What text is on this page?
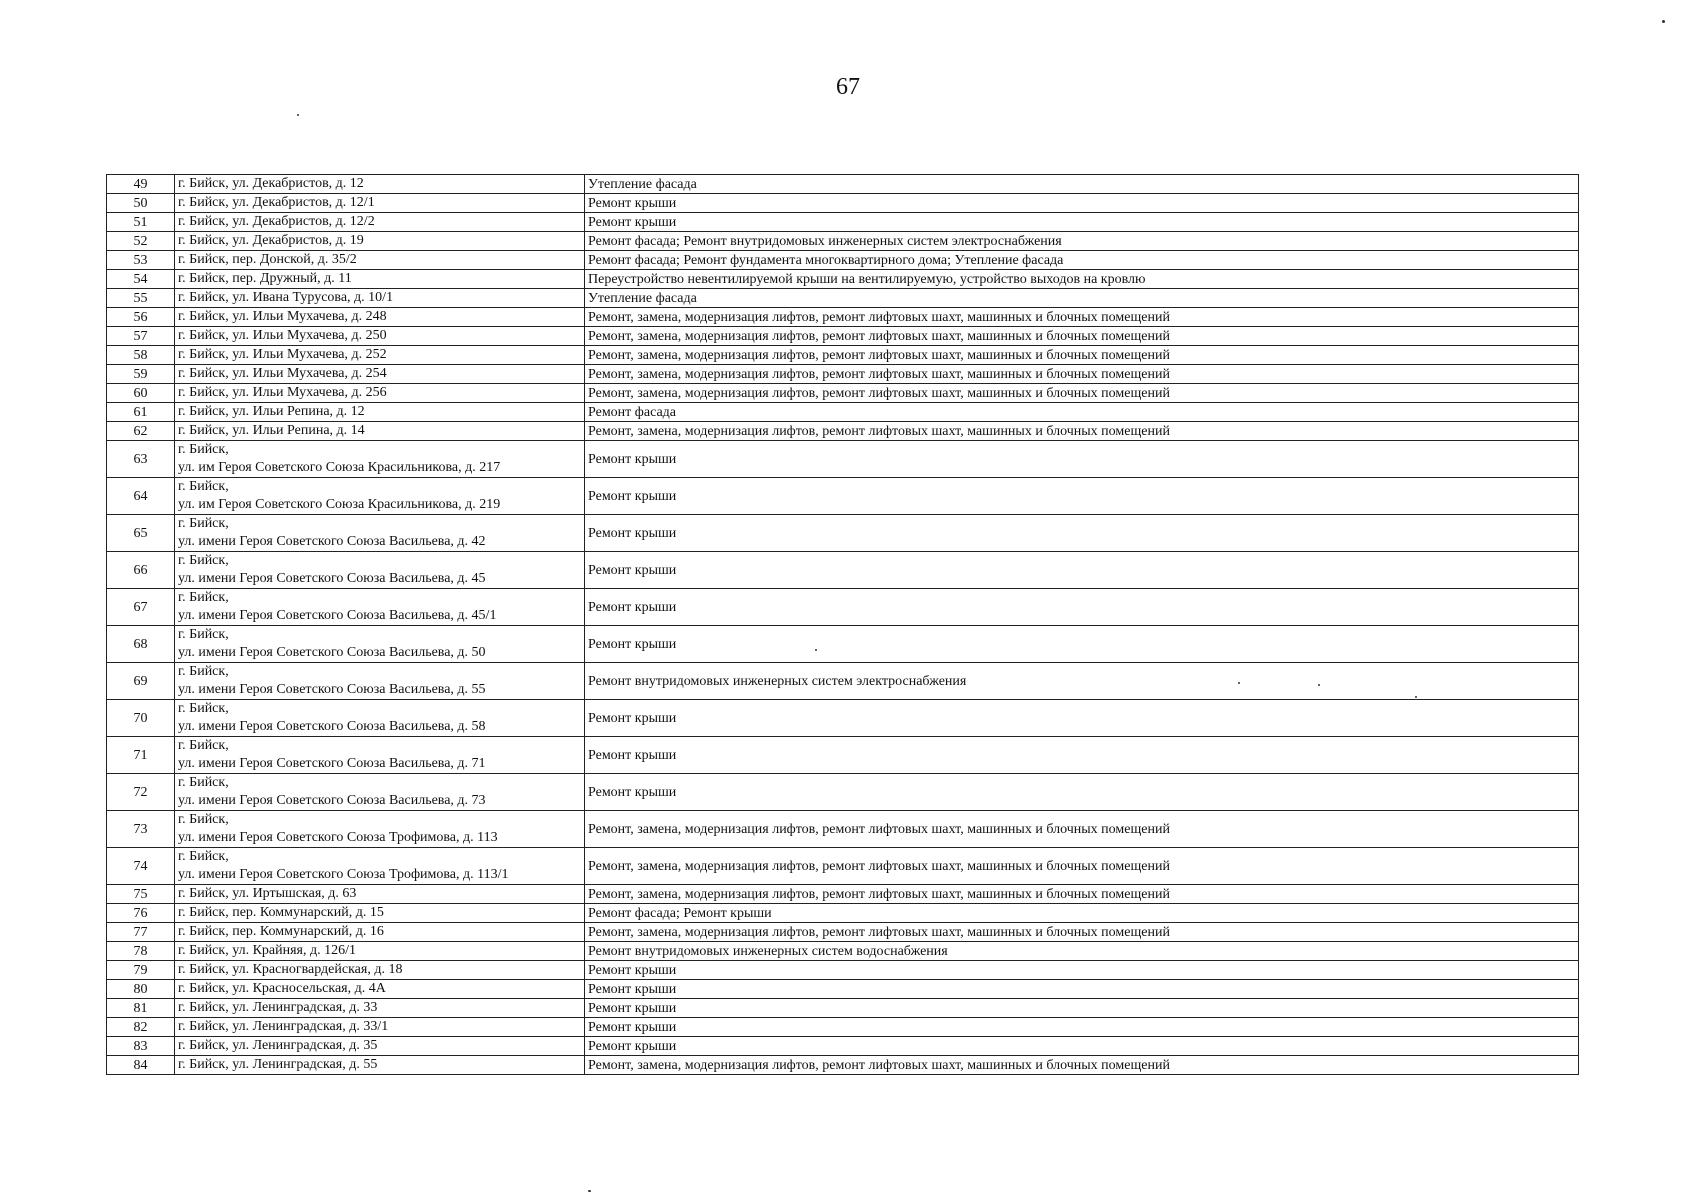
67
49	г. Бийск, ул. Декабристов, д. 12	Утепление фасада
50	г. Бийск, ул. Декабристов, д. 12/1	Ремонт крыши
51	г. Бийск, ул. Декабристов, д. 12/2	Ремонт крыши
52	г. Бийск, ул. Декабристов, д. 19	Ремонт фасада; Ремонт внутридомовых инженерных систем электроснабжения
53	г. Бийск, пер. Донской, д. 35/2	Ремонт фасада; Ремонт фундамента многоквартирного дома; Утепление фасада
54	г. Бийск, пер. Дружный, д. 11	Переустройство невентилируемой крыши на вентилируемую, устройство выходов на кровлю
55	г. Бийск, ул. Ивана Турусова, д. 10/1	Утепление фасада
56	г. Бийск, ул. Ильи Мухачева, д. 248	Ремонт, замена, модернизация лифтов, ремонт лифтовых шахт, машинных и блочных помещений
57	г. Бийск, ул. Ильи Мухачева, д. 250	Ремонт, замена, модернизация лифтов, ремонт лифтовых шахт, машинных и блочных помещений
58	г. Бийск, ул. Ильи Мухачева, д. 252	Ремонт, замена, модернизация лифтов, ремонт лифтовых шахт, машинных и блочных помещений
59	г. Бийск, ул. Ильи Мухачева, д. 254	Ремонт, замена, модернизация лифтов, ремонт лифтовых шахт, машинных и блочных помещений
60	г. Бийск, ул. Ильи Мухачева, д. 256	Ремонт, замена, модернизация лифтов, ремонт лифтовых шахт, машинных и блочных помещений
61	г. Бийск, ул. Ильи Репина, д. 12	Ремонт фасада
62	г. Бийск, ул. Ильи Репина, д. 14	Ремонт, замена, модернизация лифтов, ремонт лифтовых шахт, машинных и блочных помещений
63	г. Бийск,
ул. им Героя Советского Союза Красильникова, д. 217	Ремонт крыши
64	г. Бийск,
ул. им Героя Советского Союза Красильникова, д. 219	Ремонт крыши
65	г. Бийск,
ул. имени Героя Советского Союза Васильева, д. 42	Ремонт крыши
66	г. Бийск,
ул. имени Героя Советского Союза Васильева, д. 45	Ремонт крыши
67	г. Бийск,
ул. имени Героя Советского Союза Васильева, д. 45/1	Ремонт крыши
68	г. Бийск,
ул. имени Героя Советского Союза Васильева, д. 50	Ремонт крыши
69	г. Бийск,
ул. имени Героя Советского Союза Васильева, д. 55	Ремонт внутридомовых инженерных систем электроснабжения
70	г. Бийск,
ул. имени Героя Советского Союза Васильева, д. 58	Ремонт крыши
71	г. Бийск,
ул. имени Героя Советского Союза Васильева, д. 71	Ремонт крыши
72	г. Бийск,
ул. имени Героя Советского Союза Васильева, д. 73	Ремонт крыши
73	г. Бийск,
ул. имени Героя Советского Союза Трофимова, д. 113	Ремонт, замена, модернизация лифтов, ремонт лифтовых шахт, машинных и блочных помещений
74	г. Бийск,
ул. имени Героя Советского Союза Трофимова, д. 113/1	Ремонт, замена, модернизация лифтов, ремонт лифтовых шахт, машинных и блочных помещений
75	г. Бийск, ул. Иртышская, д. 63	Ремонт, замена, модернизация лифтов, ремонт лифтовых шахт, машинных и блочных помещений
76	г. Бийск, пер. Коммунарский, д. 15	Ремонт фасада; Ремонт крыши
77	г. Бийск, пер. Коммунарский, д. 16	Ремонт, замена, модернизация лифтов, ремонт лифтовых шахт, машинных и блочных помещений
78	г. Бийск, ул. Крайняя, д. 126/1	Ремонт внутридомовых инженерных систем водоснабжения
79	г. Бийск, ул. Красногвардейская, д. 18	Ремонт крыши
80	г. Бийск, ул. Красносельская, д. 4А	Ремонт крыши
81	г. Бийск, ул. Ленинградская, д. 33	Ремонт крыши
82	г. Бийск, ул. Ленинградская, д. 33/1	Ремонт крыши
83	г. Бийск, ул. Ленинградская, д. 35	Ремонт крыши
84	г. Бийск, ул. Ленинградская, д. 55	Ремонт, замена, модернизация лифтов, ремонт лифтовых шахт, машинных и блочных помещений
